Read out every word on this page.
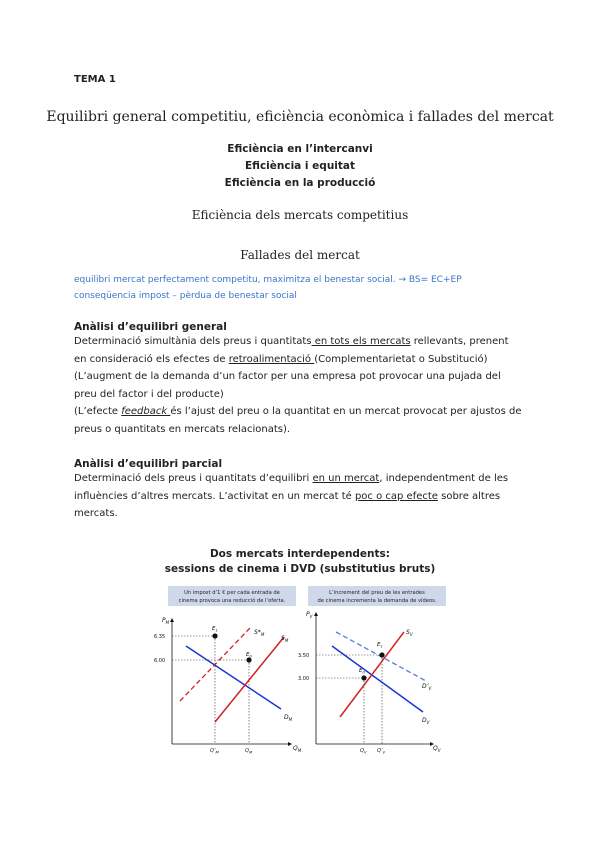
TEMA 1
Equilibri general competitiu, eficiència econòmica i fallades del mercat
Eficiència en l’intercanvi
Eficiència i equitat
Eficiència en la producció
Eficiència dels mercats competitius
Fallades del mercat
equilibri mercat perfectament competitu, maximitza el benestar social. → BS= EC+EP
conseqüencia impost – pèrdua de benestar social
Anàlisi d’equilibri general
Determinació simultània dels preus i quantitats en tots els mercats rellevants, prenent
en consideració els efectes de retroalimentació (Complementarietat o Substitució)
(L’augment de la demanda d’un factor per una empresa pot provocar una pujada del
preu del factor i del producte)
(L’efecte feedback és l’ajust del preu o la quantitat en un mercat provocat per ajustos de
preus o quantitats en mercats relacionats).
Anàlisi d’equilibri parcial
Determinació dels preus i quantitats d’equilibri en un mercat, independentment de les
influències d’altres mercats. L’activitat en un mercat té poc o cap efecte sobre altres
mercats.
Dos mercats interdependents:
sessions de cinema i DVD (substitutius bruts)
Un impost d’1 € per cada entrada de
cinema provoca una reducció de l’oferta.
$P_M$
$Q_M$
6.35
6.00
$E_1$
$E_0$
$S*_M$
$S_M$
$D_M$
$Q’_M$	$Q_M$
L’increment del preu de les entrades
de cinema incrementa la demanda de vídeos.
$P_V$
$Q_V$
3.50
3.00
$E_1$
$E_0$
$S_V$
$D’_V$
$D_V$
$Q_V$ $Q’_V$
